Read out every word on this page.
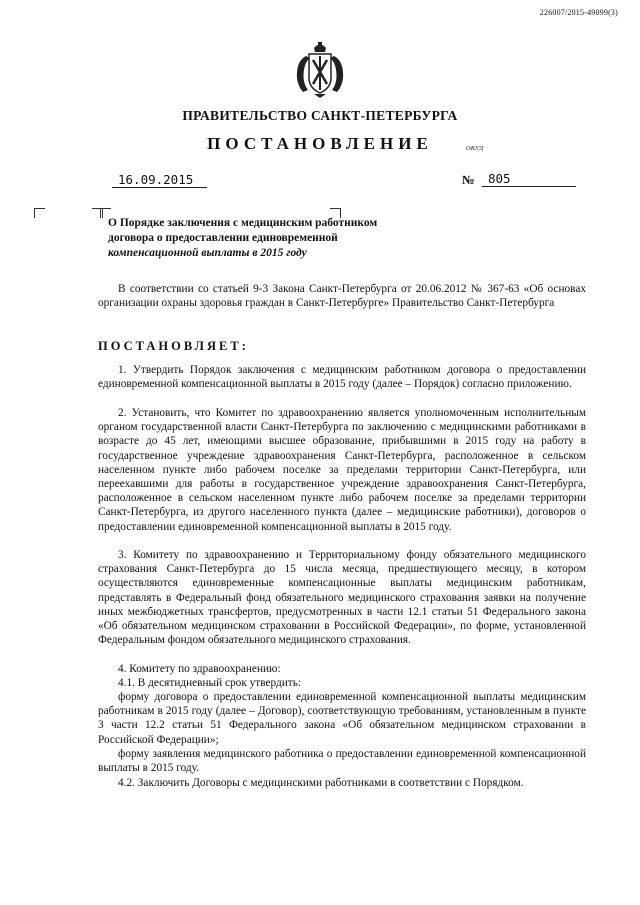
226007/2015-49099(3)
ПРАВИТЕЛЬСТВО САНКТ-ПЕТЕРБУРГА
ПОСТАНОВЛЕНИЕ	ОКУД
16.09.2015	№	805
О Порядке заключения с медицинским работником
договора о предоставлении единовременной
компенсационной выплаты в 2015 году
В соответствии со статьей 9-3 Закона Санкт-Петербурга от 20.06.2012 № 367-63 «Об основах организации охраны здоровья граждан в Санкт-Петербурге» Правительство Санкт-Петербурга
ПОСТАНОВЛЯЕТ:
1. Утвердить Порядок заключения с медицинским работником договора о предоставлении единовременной компенсационной выплаты в 2015 году (далее – Порядок) согласно приложению.
2. Установить, что Комитет по здравоохранению является уполномоченным исполнительным органом государственной власти Санкт-Петербурга по заключению с медицинскими работниками в возрасте до 45 лет, имеющими высшее образование, прибывшими в 2015 году на работу в государственное учреждение здравоохранения Санкт-Петербурга, расположенное в сельском населенном пункте либо рабочем поселке за пределами территории Санкт-Петербурга, или переехавшими для работы в государственное учреждение здравоохранения Санкт-Петербурга, расположенное в сельском населенном пункте либо рабочем поселке за пределами территории Санкт-Петербурга, из другого населенного пункта (далее – медицинские работники), договоров о предоставлении единовременной компенсационной выплаты в 2015 году.
3. Комитету по здравоохранению и Территориальному фонду обязательного медицинского страхования Санкт-Петербурга до 15 числа месяца, предшествующего месяцу, в котором осуществляются единовременные компенсационные выплаты медицинским работникам, представлять в Федеральный фонд обязательного медицинского страхования заявки на получение иных межбюджетных трансфертов, предусмотренных в части 12.1 статьи 51 Федерального закона «Об обязательном медицинском страховании в Российской Федерации», по форме, установленной Федеральным фондом обязательного медицинского страхования.
4. Комитету по здравоохранению:
4.1. В десятидневный срок утвердить:
форму договора о предоставлении единовременной компенсационной выплаты медицинским работникам в 2015 году (далее – Договор), соответствующую требованиям, установленным в пункте 3 части 12.2 статьи 51 Федерального закона «Об обязательном медицинском страховании в Российской Федерации»;
форму заявления медицинского работника о предоставлении единовременной компенсационной выплаты в 2015 году.
4.2. Заключить Договоры с медицинскими работниками в соответствии с Порядком.
